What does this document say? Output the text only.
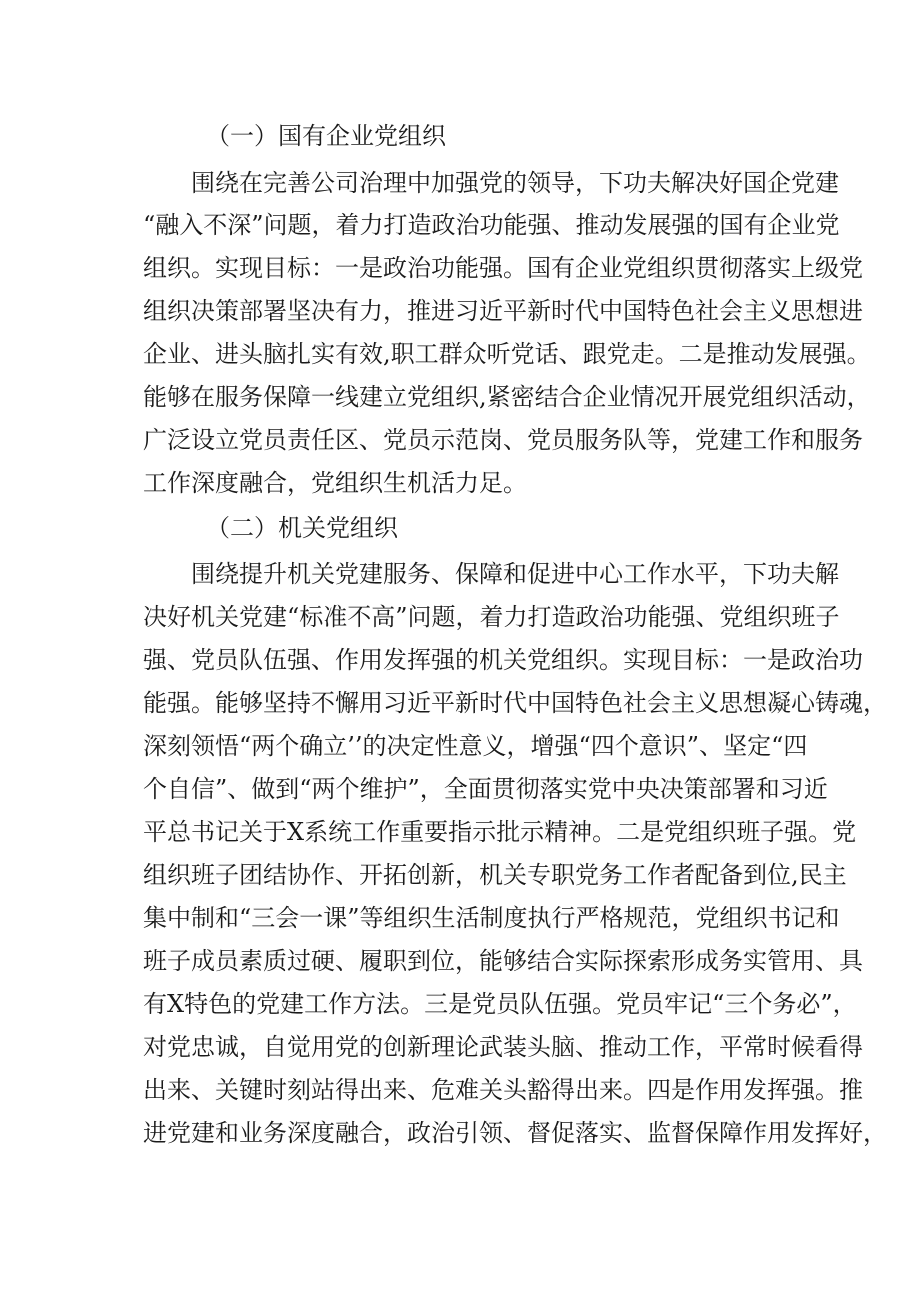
（一）国有企业党组织
围绕在完善公司治理中加强党的领导，下功夫解决好国企党建
“融入不深”问题，着力打造政治功能强、推动发展强的国有企业党
组织。实现目标：一是政治功能强。国有企业党组织贯彻落实上级党
组织决策部署坚决有力，推进习近平新时代中国特色社会主义思想进
企业、进头脑扎实有效,职工群众听党话、跟党走。二是推动发展强。
能够在服务保障一线建立党组织,紧密结合企业情况开展党组织活动，
广泛设立党员责任区、党员示范岗、党员服务队等，党建工作和服务
工作深度融合，党组织生机活力足。
（二）机关党组织
围绕提升机关党建服务、保障和促进中心工作水平，下功夫解
决好机关党建“标准不高”问题，着力打造政治功能强、党组织班子
强、党员队伍强、作用发挥强的机关党组织。实现目标：一是政治功
能强。能够坚持不懈用习近平新时代中国特色社会主义思想凝心铸魂，
深刻领悟“两个确立’’的决定性意义，增强“四个意识”、坚定“四
个自信”、做到“两个维护”，全面贯彻落实党中央决策部署和习近
平总书记关于X系统工作重要指示批示精神。二是党组织班子强。党
组织班子团结协作、开拓创新，机关专职党务工作者配备到位,民主
集中制和“三会一课”等组织生活制度执行严格规范，党组织书记和
班子成员素质过硬、履职到位，能够结合实际探索形成务实管用、具
有X特色的党建工作方法。三是党员队伍强。党员牢记“三个务必”，
对党忠诚，自觉用党的创新理论武装头脑、推动工作，平常时候看得
出来、关键时刻站得出来、危难关头豁得出来。四是作用发挥强。推
进党建和业务深度融合，政治引领、督促落实、监督保障作用发挥好，
